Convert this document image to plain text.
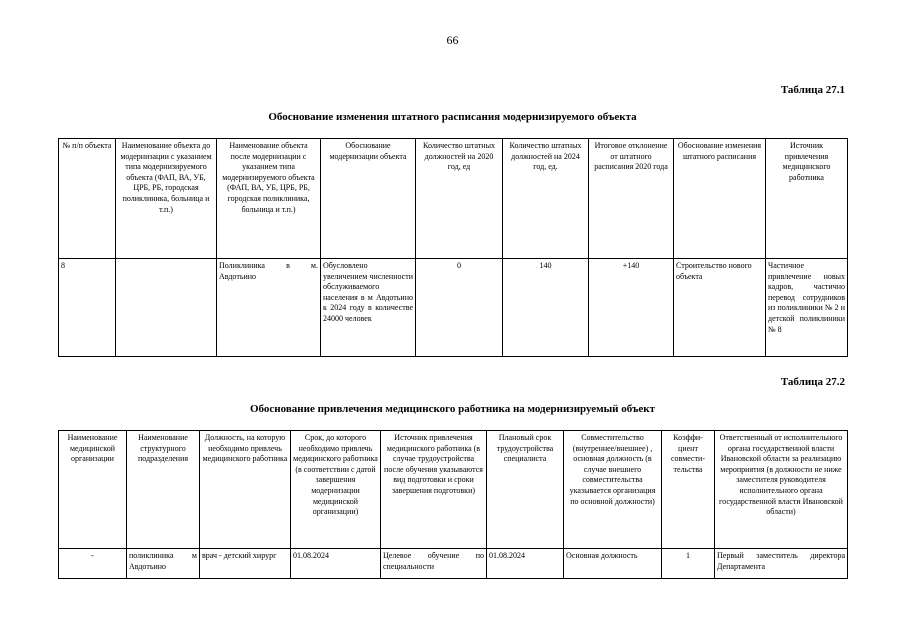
66
Таблица 27.1
Обоснование изменения штатного расписания модернизируемого объекта
№ п/п объекта	Наименование объекта до модернизации с указанием типа модернизируемого объекта (ФАП, ВА, УБ, ЦРБ, РБ, городская поликлиника, больница и т.п.)	Наименование объекта после модернизации с указанием типа модернизируемого объекта (ФАП, ВА, УБ, ЦРБ, РБ, городская поликлиника, больница и т.п.)	Обоснование модернизации объекта	Количество штатных должностей на 2020 год, ед	Количество штатных должностей на 2024 год, ед.	Итоговое отклонение от штатного расписания 2020 года	Обоснование изменения штатного расписания	Источник привлечения медицинского работника
8		Поликлиника в м. Авдотьино	Обусловлено увеличением численности обслуживаемого населения в м Авдотьино к 2024 году в количестве 24000 человек	0	140	+140	Строительство нового объекта	Частичное привлечение новых кадров, частично перевод сотрудников из поликлиники № 2 и детской поликлиники № 8
Таблица 27.2
Обоснование привлечения медицинского работника на модернизируемый объект
Наименование медицинской организации	Наименование структурного подразделения	Должность, на которую необходимо привлечь медицинского работника	Срок, до которого необходимо привлечь медицинского работника (в соответствии с датой завершения модернизации медицинской организации)	Источник привлечения медицинского работника (в случае трудоустройства после обучения указываются вид подготовки и сроки завершения подготовки)	Плановый срок трудоустройства специалиста	Совместительство (внутреннее/внешнее) , основная должность (в случае внешнего совместительства указывается организация по основной должности)	Коэффи-циент совмести-тельства	Ответственный от исполнительного органа государственной власти Ивановской области за реализацию мероприятия (в должности не ниже заместителя руководителя исполнительного органа государственной власти Ивановской области)
-	поликлиника м Авдотьино	врач - детский хирург	01.08.2024	Целевое обучение по специальности	01.08.2024	Основная должность	1	Первый заместитель директора Департамента
